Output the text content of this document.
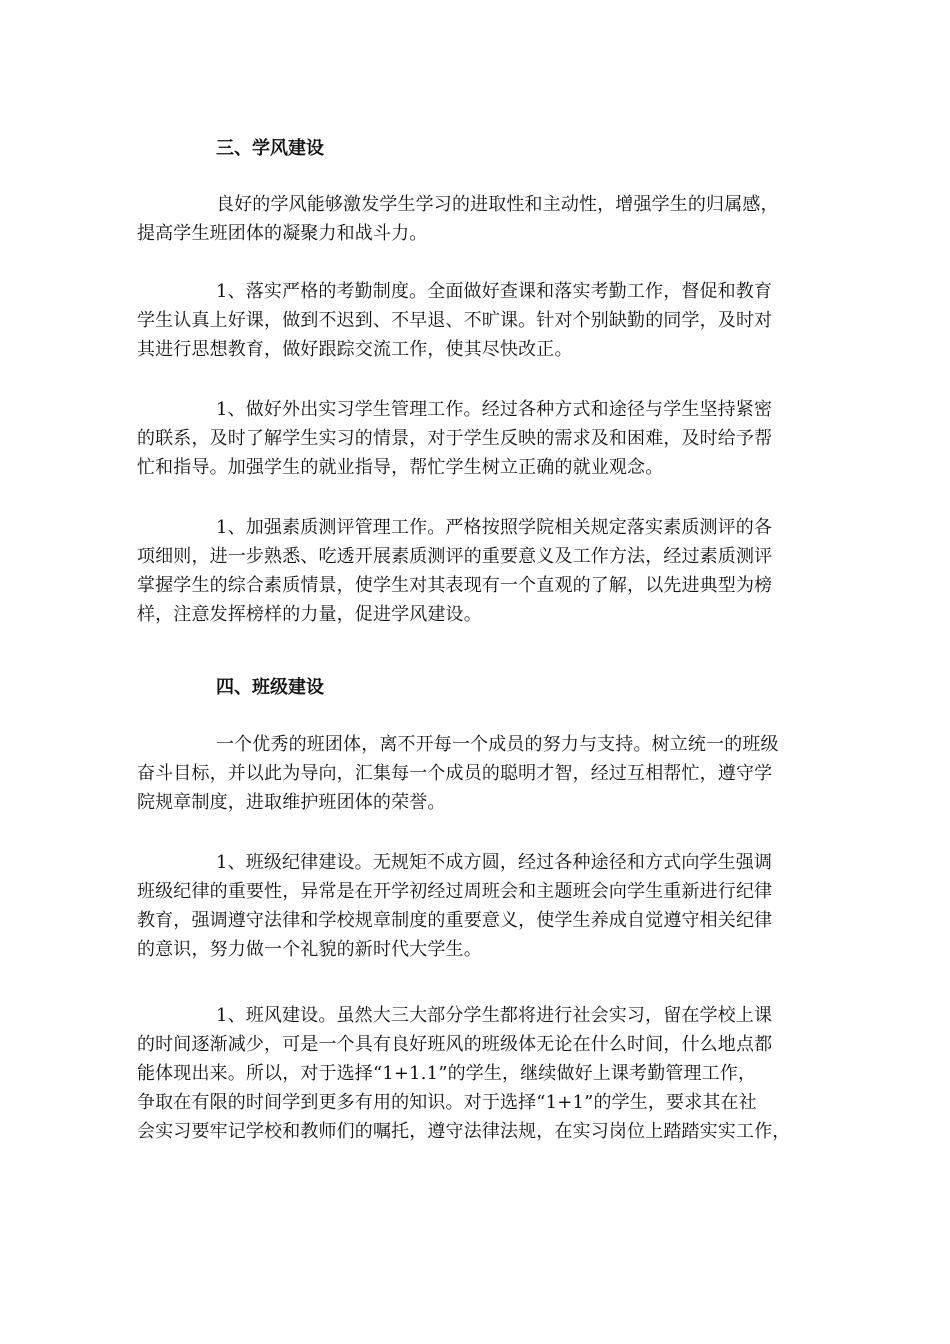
三、学风建设
良好的学风能够激发学生学习的进取性和主动性，增强学生的归属感，
提高学生班团体的凝聚力和战斗力。
1、落实严格的考勤制度。全面做好查课和落实考勤工作，督促和教育
学生认真上好课，做到不迟到、不早退、不旷课。针对个别缺勤的同学，及时对
其进行思想教育，做好跟踪交流工作，使其尽快改正。
1、做好外出实习学生管理工作。经过各种方式和途径与学生坚持紧密
的联系，及时了解学生实习的情景，对于学生反映的需求及和困难，及时给予帮
忙和指导。加强学生的就业指导，帮忙学生树立正确的就业观念。
1、加强素质测评管理工作。严格按照学院相关规定落实素质测评的各
项细则，进一步熟悉、吃透开展素质测评的重要意义及工作方法，经过素质测评
掌握学生的综合素质情景，使学生对其表现有一个直观的了解，以先进典型为榜
样，注意发挥榜样的力量，促进学风建设。
四、班级建设
一个优秀的班团体，离不开每一个成员的努力与支持。树立统一的班级
奋斗目标，并以此为导向，汇集每一个成员的聪明才智，经过互相帮忙，遵守学
院规章制度，进取维护班团体的荣誉。
1、班级纪律建设。无规矩不成方圆，经过各种途径和方式向学生强调
班级纪律的重要性，异常是在开学初经过周班会和主题班会向学生重新进行纪律
教育，强调遵守法律和学校规章制度的重要意义，使学生养成自觉遵守相关纪律
的意识，努力做一个礼貌的新时代大学生。
1、班风建设。虽然大三大部分学生都将进行社会实习，留在学校上课
的时间逐渐减少，可是一个具有良好班风的班级体无论在什么时间，什么地点都
能体现出来。所以，对于选择“1+1.1”的学生，继续做好上课考勤管理工作，
争取在有限的时间学到更多有用的知识。对于选择“1+1”的学生，要求其在社
会实习要牢记学校和教师们的嘱托，遵守法律法规，在实习岗位上踏踏实实工作，
